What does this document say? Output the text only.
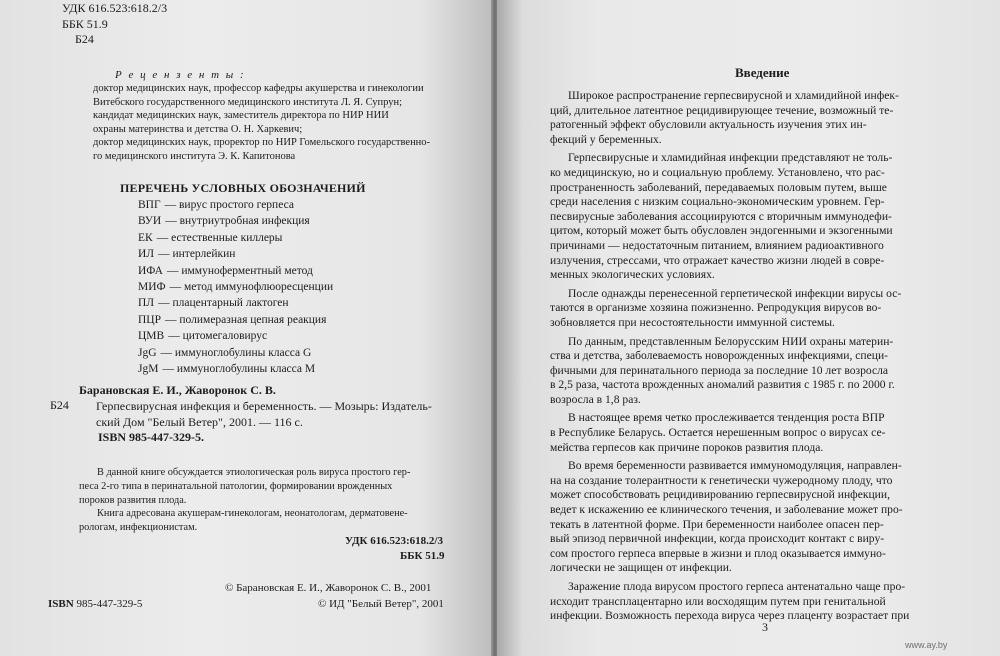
УДК 616.523:618.2/3
ББК 51.9
Б24
Р е ц е н з е н т ы :
доктор медицинских наук, профессор кафедры акушерства и гинекологии
Витебского государственного медицинского института Л. Я. Супрун;
кандидат медицинских наук, заместитель директора по НИР НИИ
охраны материнства и детства О. Н. Харкевич;
доктор медицинских наук, проректор по НИР Гомельского государственно-
го медицинского института Э. К. Капитонова
ПЕРЕЧЕНЬ УСЛОВНЫХ ОБОЗНАЧЕНИЙ
ВПГ — вирус простого герпеса
ВУИ — внутриутробная инфекция
ЕК — естественные киллеры
ИЛ — интерлейкин
ИФА — иммуноферментный метод
МИФ — метод иммунофлюоресценции
ПЛ — плацентарный лактоген
ПЦР — полимеразная цепная реакция
ЦМВ — цитомегаловирус
JgG — иммуноглобулины класса G
JgM — иммуноглобулины класса М
Барановская Е. И., Жаворонок С. В.
Б24 Герпесвирусная инфекция и беременность. — Мозырь: Издатель-
ский Дом "Белый Ветер", 2001. — 116 с.
ISBN 985-447-329-5.
В данной книге обсуждается этиологическая роль вируса простого гер-
песа 2-го типа в перинатальной патологии, формировании врожденных
пороков развития плода.
Книга адресована акушерам-гинекологам, неонатологам, дерматовене-
рологам, инфекционистам.
УДК 616.523:618.2/3
ББК 51.9
© Барановская Е. И., Жаворонок С. В., 2001
ISBN 985-447-329-5	© ИД "Белый Ветер", 2001
Введение
Широкое распространение герпесвирусной и хламидийной инфек-
ций, длительное латентное рецидивирующее течение, возможный те-
ратогенный эффект обусловили актуальность изучения этих ин-
фекций у беременных.
Герпесвирусные и хламидийная инфекции представляют не толь-
ко медицинскую, но и социальную проблему. Установлено, что рас-
пространенность заболеваний, передаваемых половым путем, выше
среди населения с низким социально-экономическим уровнем. Гер-
песвирусные заболевания ассоциируются с вторичным иммунодефи-
цитом, который может быть обусловлен эндогенными и экзогенными
причинами — недостаточным питанием, влиянием радиоактивного
излучения, стрессами, что отражает качество жизни людей в совре-
менных экологических условиях.
После однажды перенесенной герпетической инфекции вирусы ос-
таются в организме хозяина пожизненно. Репродукция вирусов во-
зобновляется при несостоятельности иммунной системы.
По данным, представленным Белорусским НИИ охраны материн-
ства и детства, заболеваемость новорожденных инфекциями, специ-
фичными для перинатального периода за последние 10 лет возросла
в 2,5 раза, частота врожденных аномалий развития с 1985 г. по 2000 г.
возросла в 1,8 раз.
В настоящее время четко прослеживается тенденция роста ВПР
в Республике Беларусь. Остается нерешенным вопрос о вирусах се-
мейства герпесов как причине пороков развития плода.
Во время беременности развивается иммуномодуляция, направлен-
на на создание толерантности к генетически чужеродному плоду, что
может способствовать рецидивированию герпесвирусной инфекции,
ведет к искажению ее клинического течения, и заболевание может про-
текать в латентной форме. При беременности наиболее опасен пер-
вый эпизод первичной инфекции, когда происходит контакт с виру-
сом простого герпеса впервые в жизни и плод оказывается иммуно-
логически не защищен от инфекции.
Заражение плода вирусом простого герпеса антенатально чаще про-
исходит трансплацентарно или восходящим путем при генитальной
инфекции. Возможность перехода вируса через плаценту возрастает при
3
www.ay.by
